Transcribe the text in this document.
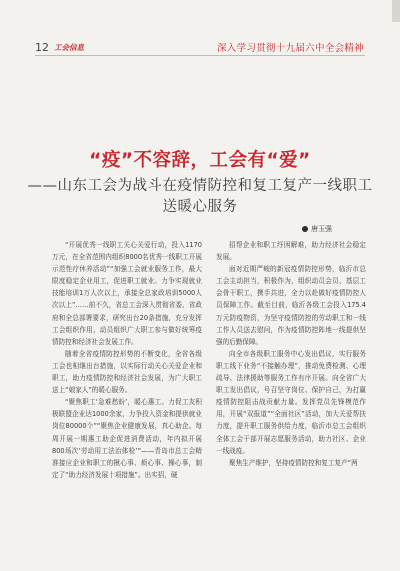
12 工会信息	深入学习贯彻十九届六中全会精神
“疫”不容辞，工会有“爱”
——山东工会为战斗在疫情防控和复工复产一线职工
送暖心服务
唐玉强

“开展优秀一线职工关心关爱行动，投入1170万元，在全省范围内组织8000名优秀一线职工开展示范性疗休养活动”“加强工会就业服务工作，最大限度稳定企业用工，促进职工就业。力争实现就业技能培训1万人次以上，承接全总家政培训5000人次以上”……前不久，省总工会深入贯彻省委、省政府和全总部署要求，研究出台20条措施，充分发挥工会组织作用，动员组织广大职工参与做好统筹疫情防控和经济社会发展工作。

随着全省疫情防控形势的不断变化，全省各级工会也相继出台措施，以实际行动关心关爱企业和职工，助力疫情防控和经济社会发展，为广大职工送上“娘家人”的暖心服务。

“聚焦职工‘急难愁盼’，暖心惠工。力促工友积极联盟企业达1000余家，力争投入资金和提供就业岗位80000个”“聚焦企业健康发展，真心助企。每周开展一期惠工助企促进消费活动，年内拟开展800场次‘劳动用工法治体检’”——青岛市总工会精准接应企业和职工的揪心事、烦心事、操心事，制定了“助力经济发展十项措施”。出实招，硬

招帮企业和职工纾困解难，助力经济社会稳定发展。

面对近期严峻的新冠疫情防控形势，临沂市总工会主动担当，积极作为，组织动员会员、基层工会骨干职工，携手共进，全力以赴做好疫情防控人员保障工作。截至目前，临沂各级工会投入175.4万元防疫物资，为坚守疫情防控的劳动职工和一线工作人员送去慰问，作为疫情防控阵地一线提供坚强的后勤保障。

向全市各级职工服务中心发出倡议，实行服务职工线下业务“不接触办理”，推动免费检测、心理疏导、法律援助等服务工作有序开展。向全省广大职工发出倡议，号召坚守岗位、保护自己，为打赢疫情防控阻击战贡献力量。发挥党员先锋模范作用，开展“双报道”“全面社区”活动，加大关爱帮扶力度，提升职工服务供给力度，临沂市总工会组织全体工会干部开展志愿服务活动，助力社区、企业一线战疫。

聚焦生产维护，坚持疫情防控和复工复产“两
